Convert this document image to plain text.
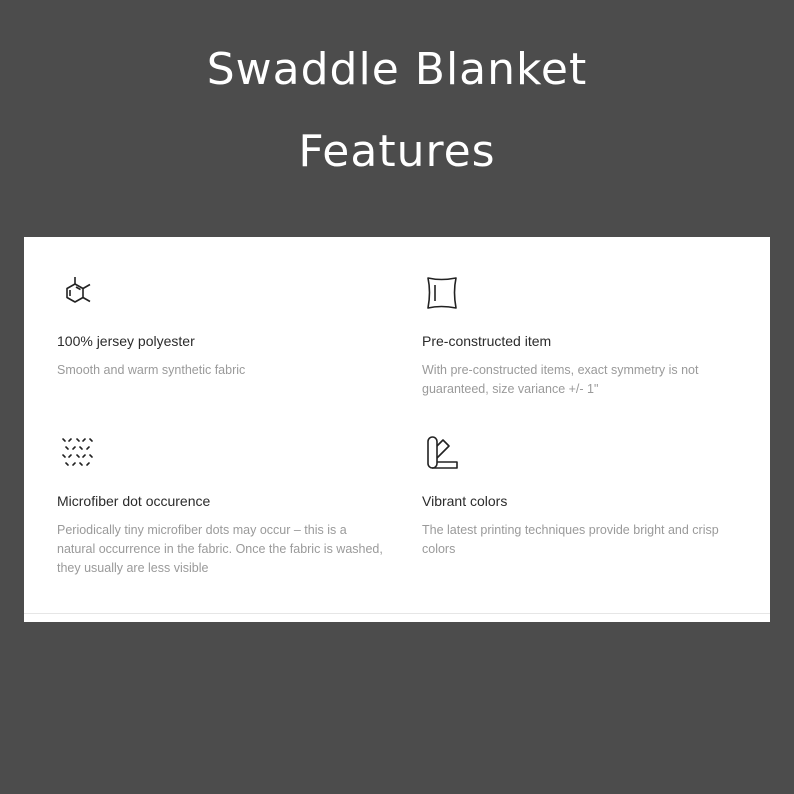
Swaddle Blanket
Features
100% jersey polyester
Smooth and warm synthetic fabric
Pre-constructed item
With pre-constructed items, exact symmetry is not guaranteed, size variance +/- 1"
Microfiber dot occurence
Periodically tiny microfiber dots may occur – this is a natural occurrence in the fabric. Once the fabric is washed, they usually are less visible
Vibrant colors
The latest printing techniques provide bright and crisp colors
